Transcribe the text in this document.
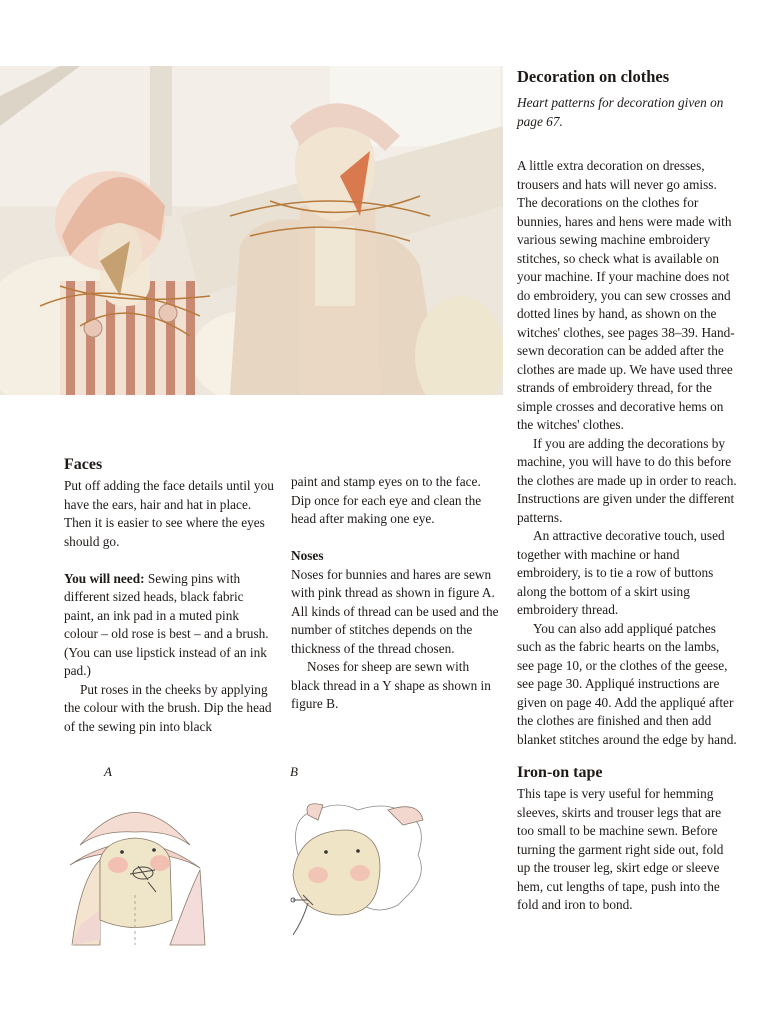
Faces

Put off adding the face details until you have the ears, hair and hat in place. Then it is easier to see where the eyes should go.

You will need: Sewing pins with different sized heads, black fabric paint, an ink pad in a muted pink colour – old rose is best – and a brush. (You can use lipstick instead of an ink pad.)

Put roses in the cheeks by applying the colour with the brush. Dip the head of the sewing pin into black

paint and stamp eyes on to the face. Dip once for each eye and clean the head after making one eye.

Noses

Noses for bunnies and hares are sewn with pink thread as shown in figure A. All kinds of thread can be used and the number of stitches depends on the thickness of the thread chosen.

Noses for sheep are sewn with black thread in a Y shape as shown in figure B.

Decoration on clothes
Heart patterns for decoration given on page 67.

A little extra decoration on dresses, trousers and hats will never go amiss. The decorations on the clothes for bunnies, hares and hens were made with various sewing machine embroidery stitches, so check what is available on your machine. If your machine does not do embroidery, you can sew crosses and dotted lines by hand, as shown on the witches' clothes, see pages 38–39. Hand-sewn decoration can be added after the clothes are made up. We have used three strands of embroidery thread, for the simple crosses and decorative hems on the witches' clothes.

If you are adding the decorations by machine, you will have to do this before the clothes are made up in order to reach. Instructions are given under the different patterns.

An attractive decorative touch, used together with machine or hand embroidery, is to tie a row of buttons along the bottom of a skirt using embroidery thread.

You can also add appliqué patches such as the fabric hearts on the lambs, see page 10, or the clothes of the geese, see page 30. Appliqué instructions are given on page 40. Add the appliqué after the clothes are finished and then add blanket stitches around the edge by hand.

Iron-on tape

This tape is very useful for hemming sleeves, skirts and trouser legs that are too small to be machine sewn. Before turning the garment right side out, fold up the trouser leg, skirt edge or sleeve hem, cut lengths of tape, push into the fold and iron to bond.

A	B
